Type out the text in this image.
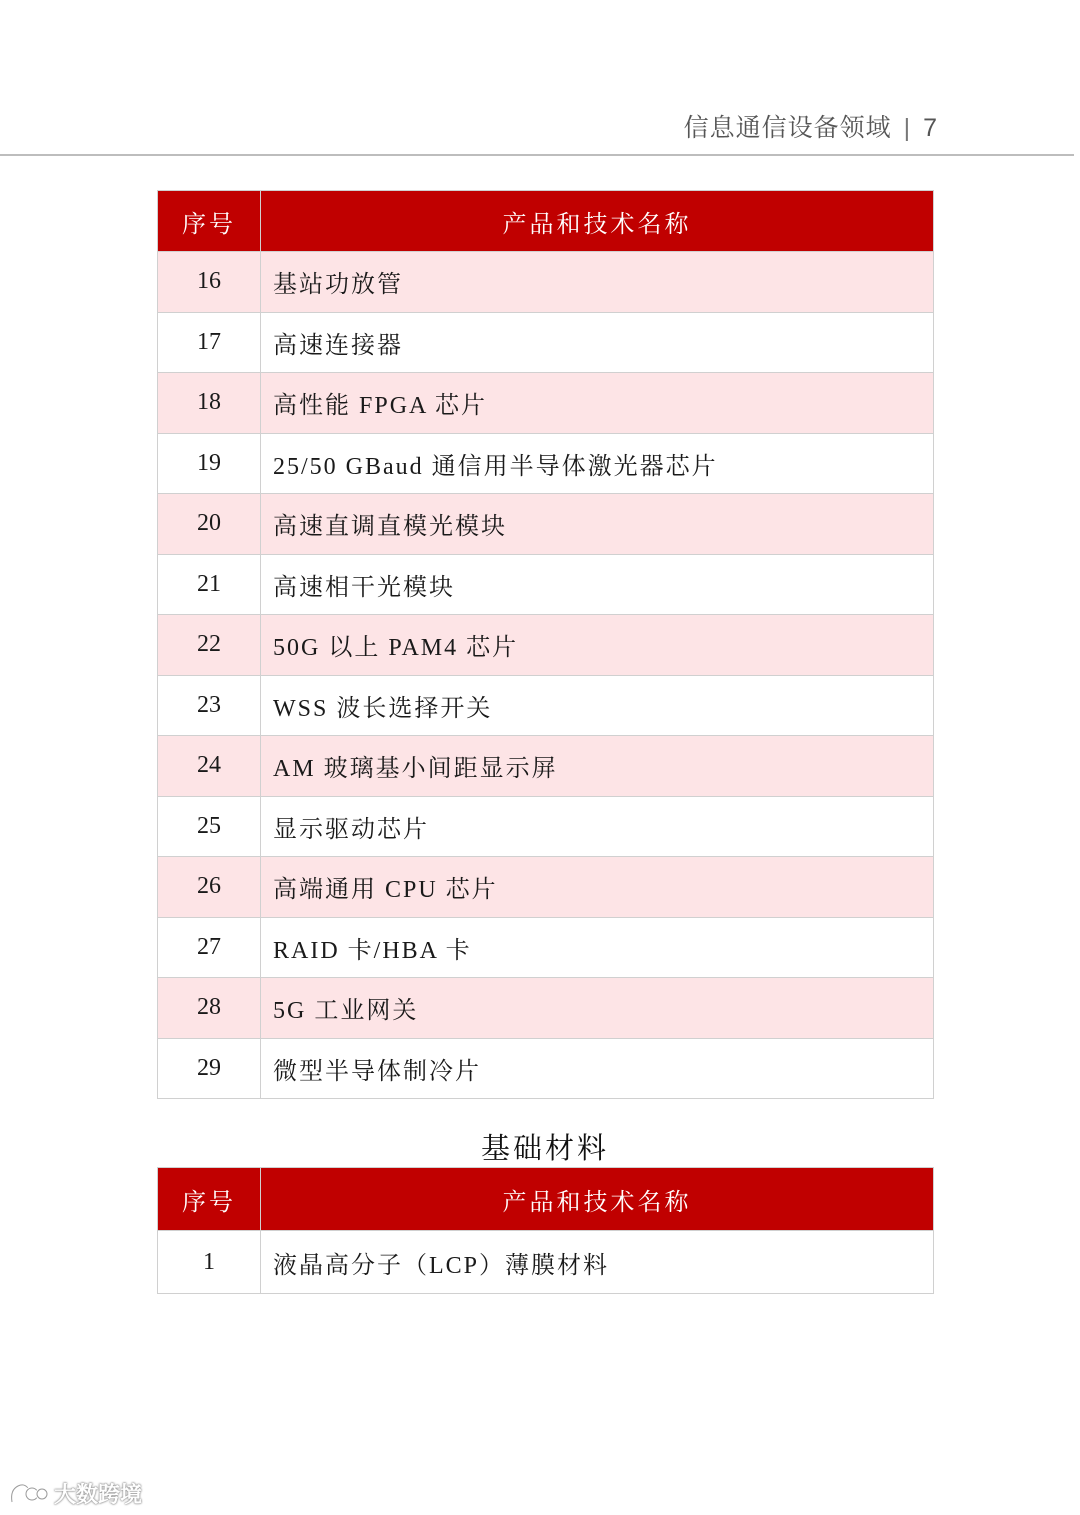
信息通信设备领域 | 7
序号	产品和技术名称
16	基站功放管
17	高速连接器
18	高性能 FPGA 芯片
19	25/50 GBaud 通信用半导体激光器芯片
20	高速直调直模光模块
21	高速相干光模块
22	50G 以上 PAM4 芯片
23	WSS 波长选择开关
24	AM 玻璃基小间距显示屏
25	显示驱动芯片
26	高端通用 CPU 芯片
27	RAID 卡/HBA 卡
28	5G 工业网关
29	微型半导体制冷片
基础材料
序号	产品和技术名称
1	液晶高分子（LCP）薄膜材料
大数跨境
